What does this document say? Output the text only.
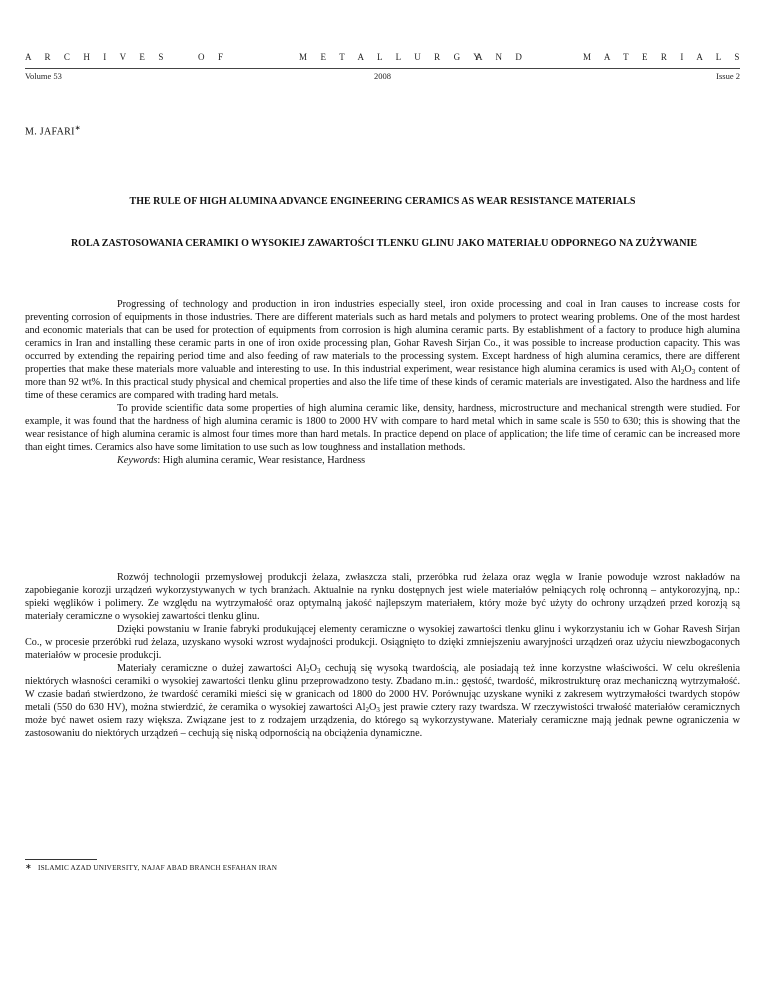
A R C H I V E S	O F	M E T A L L U R G Y
A N D	M A T E R I A L S
Volume 53	2008	Issue 2
M. JAFARI∗
THE RULE OF HIGH ALUMINA ADVANCE ENGINEERING CERAMICS AS WEAR RESISTANCE MATERIALS
ROLA ZASTOSOWANIA CERAMIKI O WYSOKIEJ ZAWARTOŚCI TLENKU GLINU JAKO MATERIAŁU ODPORNEGO NA ZUŻYWANIE

Progressing of technology and production in iron industries especially steel, iron oxide processing and coal in Iran causes to increase costs for preventing corrosion of equipments in those industries. There are different materials such as hard metals and polymers to protect wearing problems. One of the most hardest and economic materials that can be used for protection of equipments from corrosion is high alumina ceramic parts. By establishment of a factory to produce high alumina ceramics in Iran and installing these ceramic parts in one of iron oxide processing plan, Gohar Ravesh Sirjan Co., it was possible to increase production capacity. This was occurred by extending the repairing period time and also feeding of raw materials to the processing system. Except hardness of high alumina ceramics, there are different properties that make these materials more valuable and interesting to use. In this industrial experiment, wear resistance high alumina ceramics is used with $Al_2O_3$ content of more than 92 wt%. In this practical study physical and chemical properties and also the life time of these kinds of ceramic materials are investigated. Also the hardness and life time of these ceramics are compared with trading hard metals.

To provide scientific data some properties of high alumina ceramic like, density, hardness, microstructure and mechanical strength were studied. For example, it was found that the hardness of high alumina ceramic is 1800 to 2000 HV with compare to hard metal which in same scale is 550 to 630; this is showing that the wear resistance of high alumina ceramic is almost four times more than hard metals. In practice depend on place of application; the life time of ceramic can be increased more than eight times. Ceramics also have some limitation to use such as low toughness and installation methods.

Keywords: High alumina ceramic, Wear resistance, Hardness

Rozwój technologii przemysłowej produkcji żelaza, zwłaszcza stali, przeróbka rud żelaza oraz węgla w Iranie powoduje wzrost nakładów na zapobieganie korozji urządzeń wykorzystywanych w tych branżach. Aktualnie na rynku dostępnych jest wiele materiałów pełniących rolę ochronną – antykorozyjną, np.: spieki węglików i polimery. Ze względu na wytrzymałość oraz optymalną jakość najlepszym materiałem, który może być użyty do ochrony urządzeń przed korozją są materiały ceramiczne o wysokiej zawartości tlenku glinu.

Dzięki powstaniu w Iranie fabryki produkującej elementy ceramiczne o wysokiej zawartości tlenku glinu i wykorzystaniu ich w Gohar Ravesh Sirjan Co., w procesie przeróbki rud żelaza, uzyskano wysoki wzrost wydajności produkcji. Osiągnięto to dzięki zmniejszeniu awaryjności urządzeń oraz użyciu niewzbogaconych materiałów w procesie produkcji.

Materiały ceramiczne o dużej zawartości $Al_2O_3$ cechują się wysoką twardością, ale posiadają też inne korzystne właściwości. W celu określenia niektórych własności ceramiki o wysokiej zawartości tlenku glinu przeprowadzono testy. Zbadano m.in.: gęstość, twardość, mikrostrukturę oraz mechaniczną wytrzymałość. W czasie badań stwierdzono, że twardość ceramiki mieści się w granicach od 1800 do 2000 HV. Porównując uzyskane wyniki z zakresem wytrzymałości twardych stopów metali (550 do 630 HV), można stwierdzić, że ceramika o wysokiej zawartości $Al_2O_3$ jest prawie cztery razy twardsza. W rzeczywistości trwałość materiałów ceramicznych może być nawet osiem razy większa. Związane jest to z rodzajem urządzenia, do którego są wykorzystywane. Materiały ceramiczne mają jednak pewne ograniczenia w zastosowaniu do niektórych urządzeń – cechują się niską odpornością na obciążenia dynamiczne.

∗ ISLAMIC AZAD UNIVERSITY, NAJAF ABAD BRANCH ESFAHAN IRAN
